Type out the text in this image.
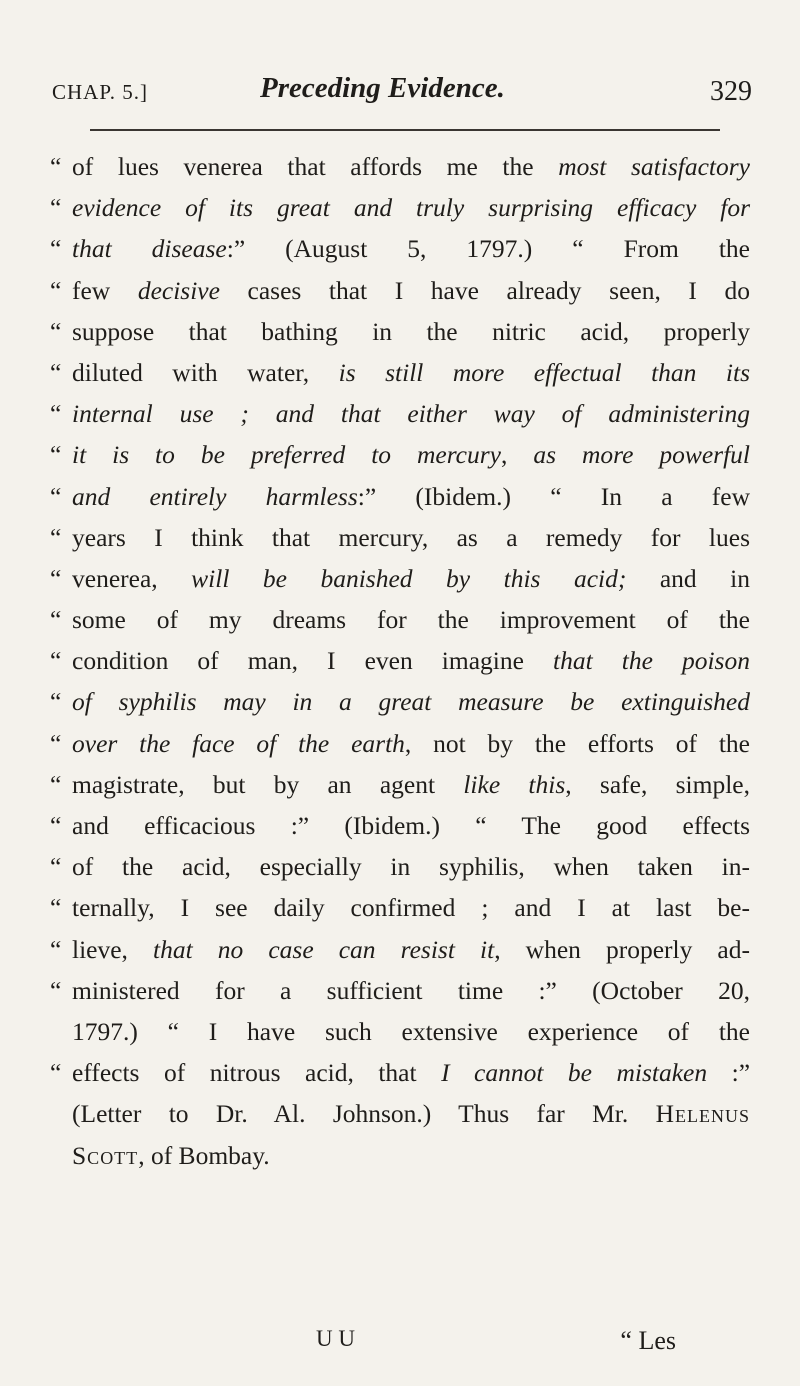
CHAP. 5.]	Preceding Evidence.	329
“ of lues venerea that affords me the most satisfactory
“ evidence of its great and truly surprising efficacy for
“ that disease:” (August 5, 1797.) “ From the
“ few decisive cases that I have already seen, I do
“ suppose that bathing in the nitric acid, properly
“ diluted with water, is still more effectual than its
“ internal use ; and that either way of administering
“ it is to be preferred to mercury, as more powerful
“ and entirely harmless:” (Ibidem.) “ In a few
“ years I think that mercury, as a remedy for lues
“ venerea, will be banished by this acid; and in
“ some of my dreams for the improvement of the
“ condition of man, I even imagine that the poison
“ of syphilis may in a great measure be extinguished
“ over the face of the earth, not by the efforts of the
“ magistrate, but by an agent like this, safe, simple,
“ and efficacious :” (Ibidem.) “ The good effects
“ of the acid, especially in syphilis, when taken in-
“ ternally, I see daily confirmed ; and I at last be-
“ lieve, that no case can resist it, when properly ad-
“ ministered for a sufficient time :” (October 20,
1797.) “ I have such extensive experience of the
“ effects of nitrous acid, that I cannot be mistaken :”
(Letter to Dr. Al. Johnson.) Thus far Mr. Helenus
Scott, of Bombay.
U U	“ Les
